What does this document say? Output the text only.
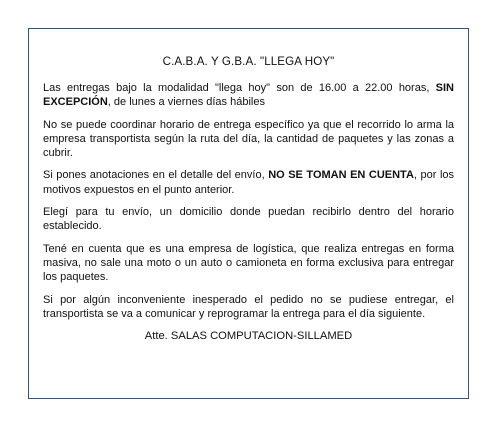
C.A.B.A. Y G.B.A. "LLEGA HOY"

Las entregas bajo la modalidad "llega hoy" son de 16.00 a 22.00 horas, SIN EXCEPCIÓN, de lunes a viernes días hábiles

No se puede coordinar horario de entrega específico ya que el recorrido lo arma la empresa transportista según la ruta del día, la cantidad de paquetes y las zonas a cubrir.

Si pones anotaciones en el detalle del envío, NO SE TOMAN EN CUENTA, por los motivos expuestos en el punto anterior.

Elegí para tu envío, un domicilio donde puedan recibirlo dentro del horario establecido.

Tené en cuenta que es una empresa de logística, que realiza entregas en forma masiva, no sale una moto o un auto o camioneta en forma exclusiva para entregar los paquetes.

Si por algún inconveniente inesperado el pedido no se pudiese entregar, el transportista se va a comunicar y reprogramar la entrega para el día siguiente.

Atte. SALAS COMPUTACION-SILLAMED
